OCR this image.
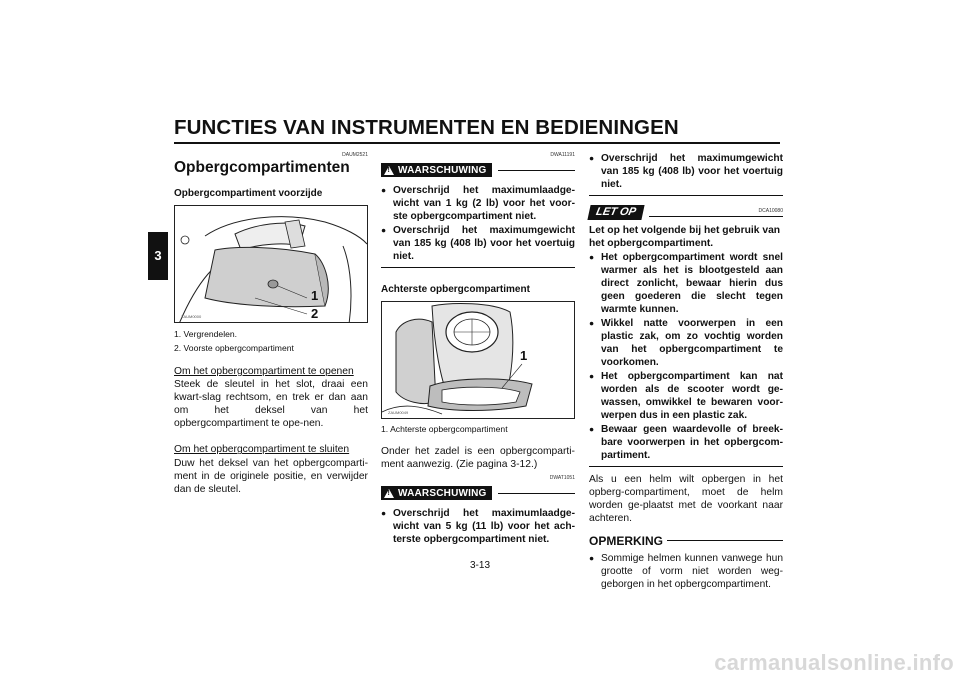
FUNCTIES VAN INSTRUMENTEN EN BEDIENINGEN
3
DAUM2521
Opbergcompartimenten
Opbergcompartiment voorzijde
1
2
ZAUM0000
1. Vergrendelen.
2. Voorste opbergcompartiment
Om het opbergcompartiment te openen

Steek de sleutel in het slot, draai een kwart-slag rechtsom, en trek er dan aan om het deksel van het opbergcompartiment te ope-nen.

Om het opbergcompartiment te sluiten

Duw het deksel van het opbergcomparti-ment in de originele positie, en verwijder dan de sleutel.

DWA11191
!
WAARSCHUWING
● Overschrijd het maximumlaadge-wicht van 1 kg (2 lb) voor het voor-ste opbergcompartiment niet.
● Overschrijd het maximumgewicht van 185 kg (408 lb) voor het voertuig niet.
Achterste opbergcompartiment
1
ZAUM0049
1. Achterste opbergcompartiment

Onder het zadel is een opbergcomparti-ment aanwezig. (Zie pagina 3-12.)

DWAT1051
!
WAARSCHUWING
● Overschrijd het maximumlaadge-wicht van 5 kg (11 lb) voor het ach-terste opbergcompartiment niet.
● Overschrijd het maximumgewicht van 185 kg (408 lb) voor het voertuig niet.
LET OP	DCA10080

Let op het volgende bij het gebruik van het opbergcompartiment.

● Het opbergcompartiment wordt snel warmer als het is blootgesteld aan direct zonlicht, bewaar hierin dus geen goederen die slecht tegen warmte kunnen.
● Wikkel natte voorwerpen in een plastic zak, om zo vochtig worden van het opbergcompartiment te voorkomen.
● Het opbergcompartiment kan nat worden als de scooter wordt ge-wassen, omwikkel te bewaren voor-werpen dus in een plastic zak.
● Bewaar geen waardevolle of breek-bare voorwerpen in het opbergcom-partiment.

Als u een helm wilt opbergen in het opberg-compartiment, moet de helm worden ge-plaatst met de voorkant naar achteren.

OPMERKING
● Sommige helmen kunnen vanwege hun grootte of vorm niet worden weg-geborgen in het opbergcompartiment.
3-13
carmanualsonline.info
